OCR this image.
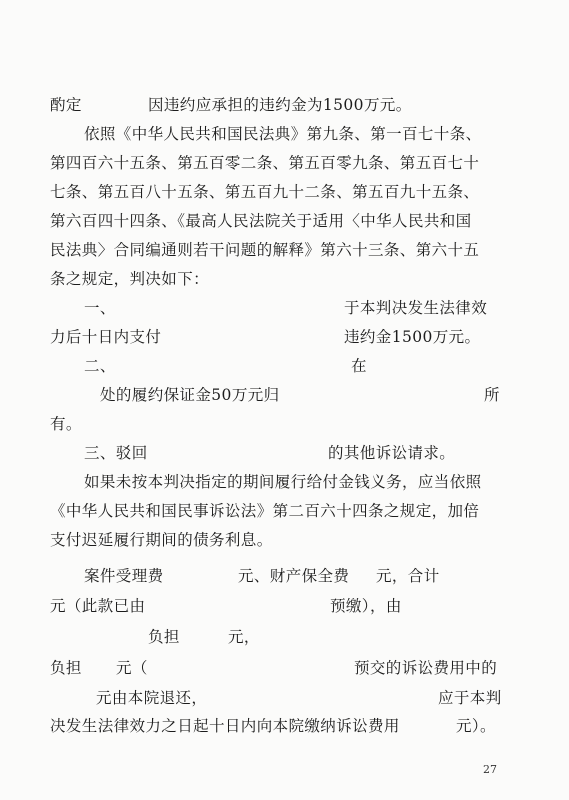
酌定	因违约应承担的违约金为1500万元。
依照《中华人民共和国民法典》第九条、第一百七十条、
第四百六十五条、第五百零二条、第五百零九条、第五百七十
七条、第五百八十五条、第五百九十二条、第五百九十五条、
第六百四十四条、《最高人民法院关于适用〈中华人民共和国
民法典〉合同编通则若干问题的解释》第六十三条、第六十五
条之规定，判决如下：
一、	于本判决发生法律效
力后十日内支付	违约金1500万元。
二、	在
处的履约保证金50万元归	所
有。
三、驳回	的其他诉讼请求。
如果未按本判决指定的期间履行给付金钱义务，应当依照
《中华人民共和国民事诉讼法》第二百六十四条之规定，加倍
支付迟延履行期间的债务利息。
案件受理费	元、财产保全费 元，合计
元（此款已由	预缴），由
负担	元，
负担 元（	预交的诉讼费用中的
元由本院退还，	应于本判
决发生法律效力之日起十日内向本院缴纳诉讼费用	元）。
27
